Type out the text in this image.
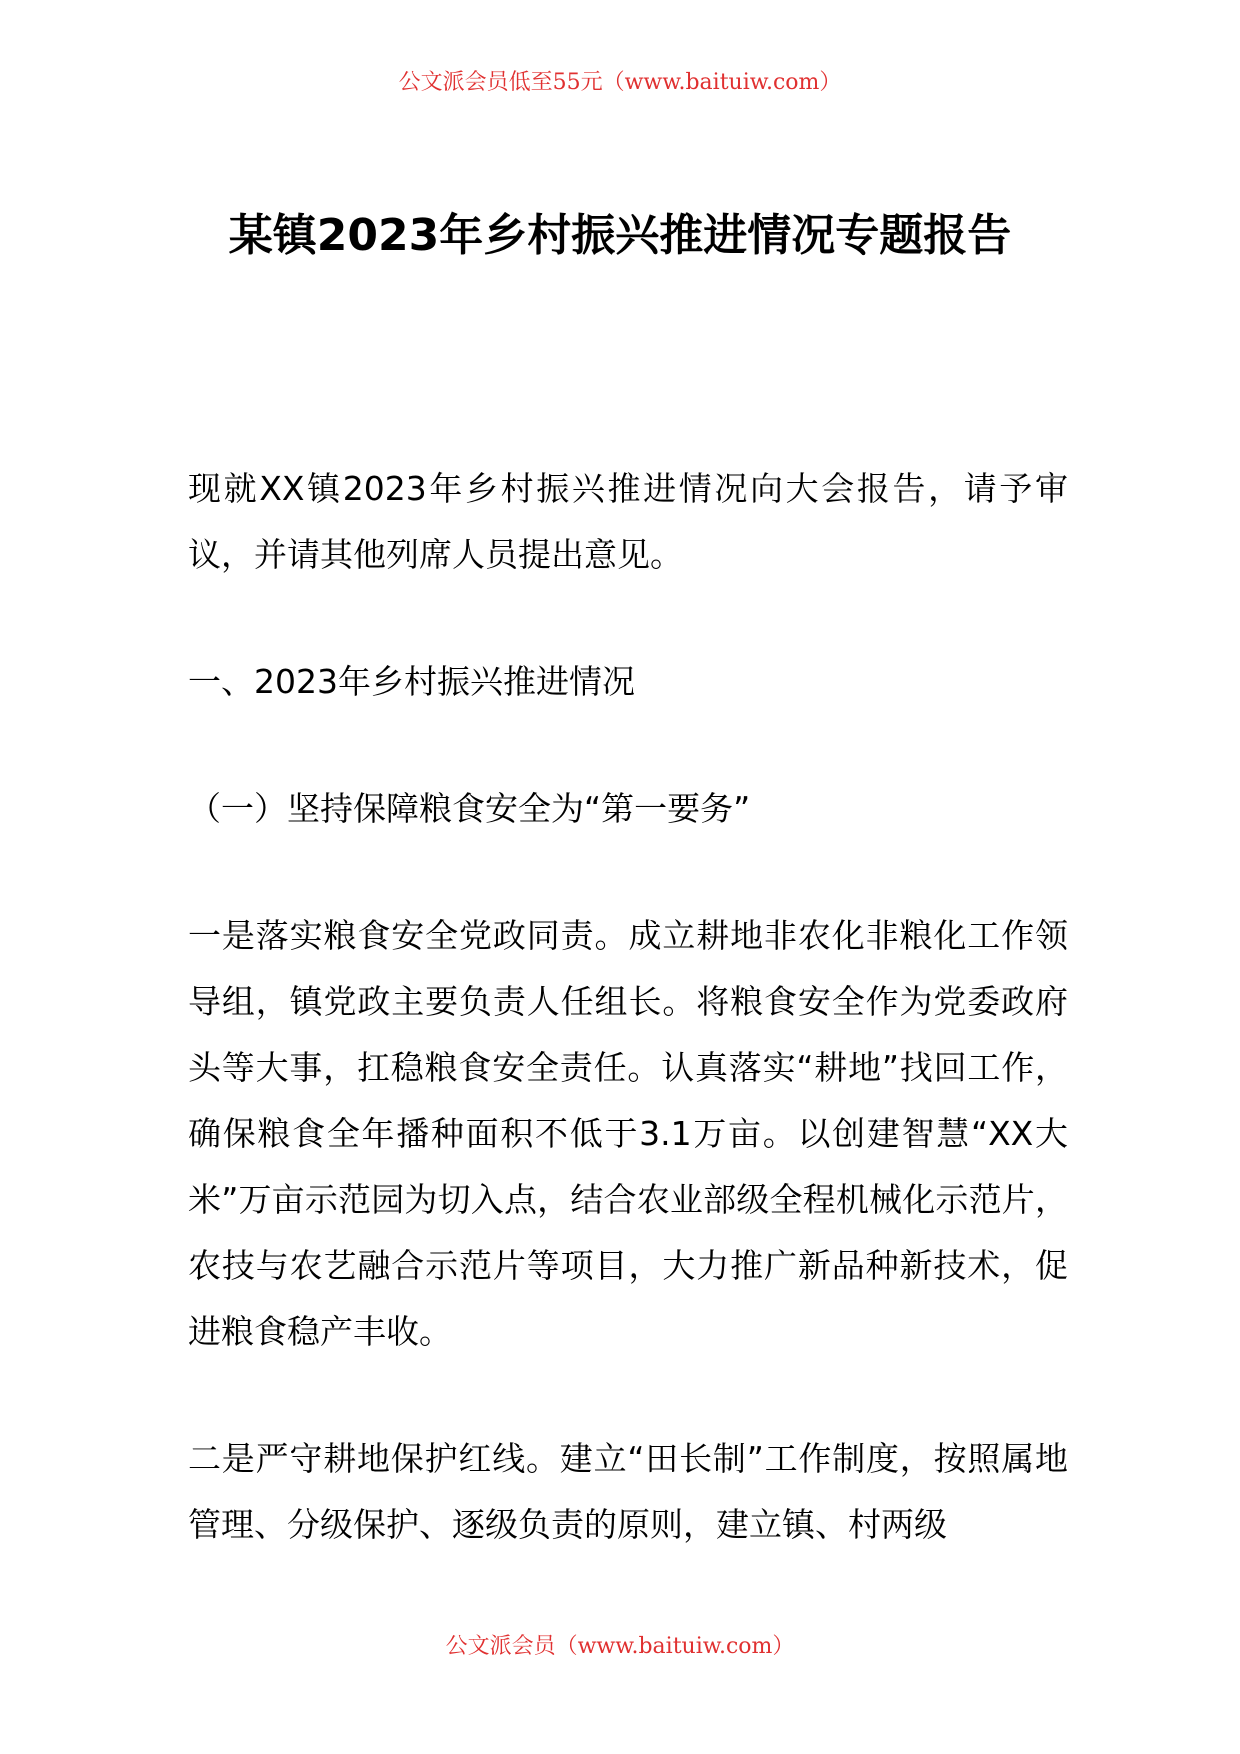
公文派会员低至55元（www.baituiw.com）
某镇2023年乡村振兴推进情况专题报告

现就XX镇2023年乡村振兴推进情况向大会报告，请予审议，并请其他列席人员提出意见。

一、2023年乡村振兴推进情况

（一）坚持保障粮食安全为“第一要务”

一是落实粮食安全党政同责。成立耕地非农化非粮化工作领导组，镇党政主要负责人任组长。将粮食安全作为党委政府头等大事，扛稳粮食安全责任。认真落实“耕地”找回工作，确保粮食全年播种面积不低于3.1万亩。以创建智慧“XX大米”万亩示范园为切入点，结合农业部级全程机械化示范片，农技与农艺融合示范片等项目，大力推广新品种新技术，促进粮食稳产丰收。

二是严守耕地保护红线。建立“田长制”工作制度，按照属地管理、分级保护、逐级负责的原则，建立镇、村两级

公文派会员（www.baituiw.com）
